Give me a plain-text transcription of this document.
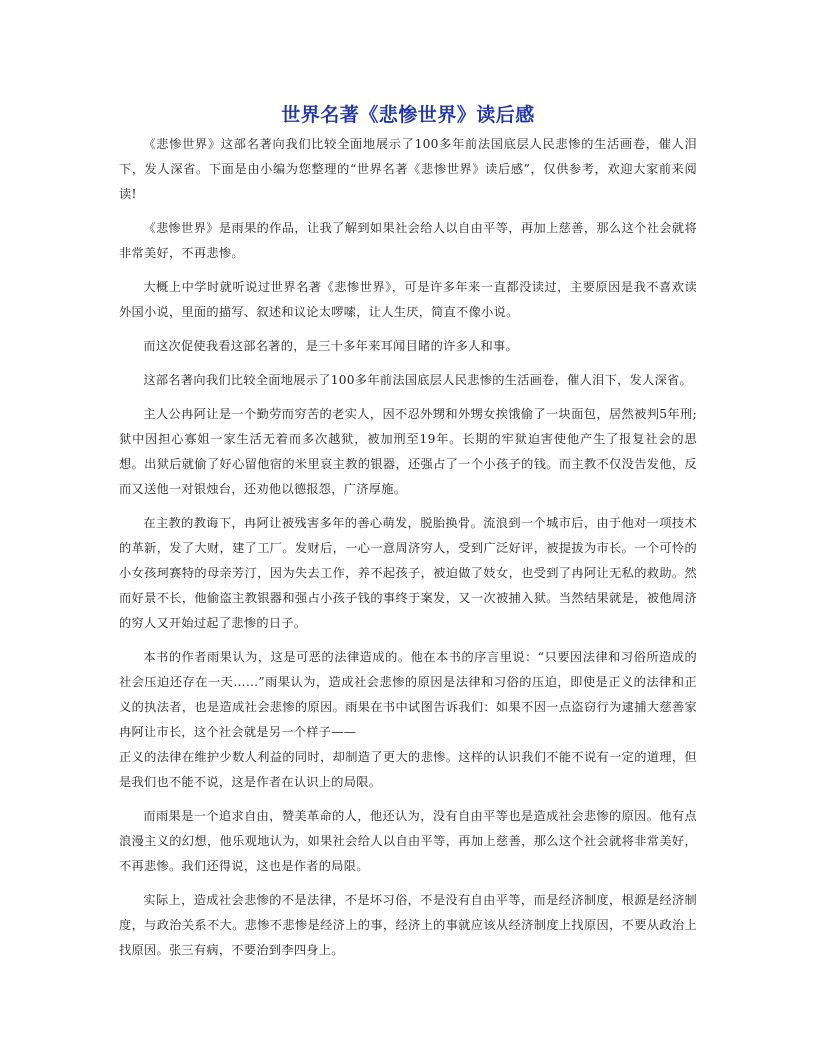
世界名著《悲惨世界》读后感

《悲惨世界》这部名著向我们比较全面地展示了100多年前法国底层人民悲惨的生活画卷，催人泪下，发人深省。下面是由小编为您整理的“世界名著《悲惨世界》读后感”，仅供参考，欢迎大家前来阅读!

《悲惨世界》是雨果的作品，让我了解到如果社会给人以自由平等，再加上慈善，那么这个社会就将非常美好，不再悲惨。

大概上中学时就听说过世界名著《悲惨世界》，可是许多年来一直都没读过，主要原因是我不喜欢读外国小说，里面的描写、叙述和议论太啰嗦，让人生厌，简直不像小说。

而这次促使我看这部名著的，是三十多年来耳闻目睹的许多人和事。

这部名著向我们比较全面地展示了100多年前法国底层人民悲惨的生活画卷，催人泪下，发人深省。

主人公冉阿让是一个勤劳而穷苦的老实人，因不忍外甥和外甥女挨饿偷了一块面包，居然被判5年刑;狱中因担心寡姐一家生活无着而多次越狱，被加刑至19年。长期的牢狱迫害使他产生了报复社会的思想。出狱后就偷了好心留他宿的米里哀主教的银器，还强占了一个小孩子的钱。而主教不仅没告发他，反而又送他一对银烛台，还劝他以德报怨，广济厚施。

在主教的教诲下，冉阿让被残害多年的善心萌发，脱胎换骨。流浪到一个城市后，由于他对一项技术的革新，发了大财，建了工厂。发财后，一心一意周济穷人，受到广泛好评，被提拔为市长。一个可怜的小女孩珂赛特的母亲芳汀，因为失去工作，养不起孩子，被迫做了妓女，也受到了冉阿让无私的救助。然而好景不长，他偷盗主教银器和强占小孩子钱的事终于案发，又一次被捕入狱。当然结果就是，被他周济的穷人又开始过起了悲惨的日子。

本书的作者雨果认为，这是可恶的法律造成的。他在本书的序言里说：“只要因法律和习俗所造成的社会压迫还存在一天……”雨果认为，造成社会悲惨的原因是法律和习俗的压迫，即使是正义的法律和正义的执法者，也是造成社会悲惨的原因。雨果在书中试图告诉我们：如果不因一点盗窃行为逮捕大慈善家冉阿让市长，这个社会就是另一个样子——

正义的法律在维护少数人利益的同时，却制造了更大的悲惨。这样的认识我们不能不说有一定的道理，但是我们也不能不说，这是作者在认识上的局限。

而雨果是一个追求自由，赞美革命的人，他还认为，没有自由平等也是造成社会悲惨的原因。他有点浪漫主义的幻想，他乐观地认为，如果社会给人以自由平等，再加上慈善，那么这个社会就将非常美好，不再悲惨。我们还得说，这也是作者的局限。

实际上，造成社会悲惨的不是法律，不是坏习俗，不是没有自由平等，而是经济制度，根源是经济制度，与政治关系不大。悲惨不悲惨是经济上的事，经济上的事就应该从经济制度上找原因，不要从政治上找原因。张三有病，不要治到李四身上。
